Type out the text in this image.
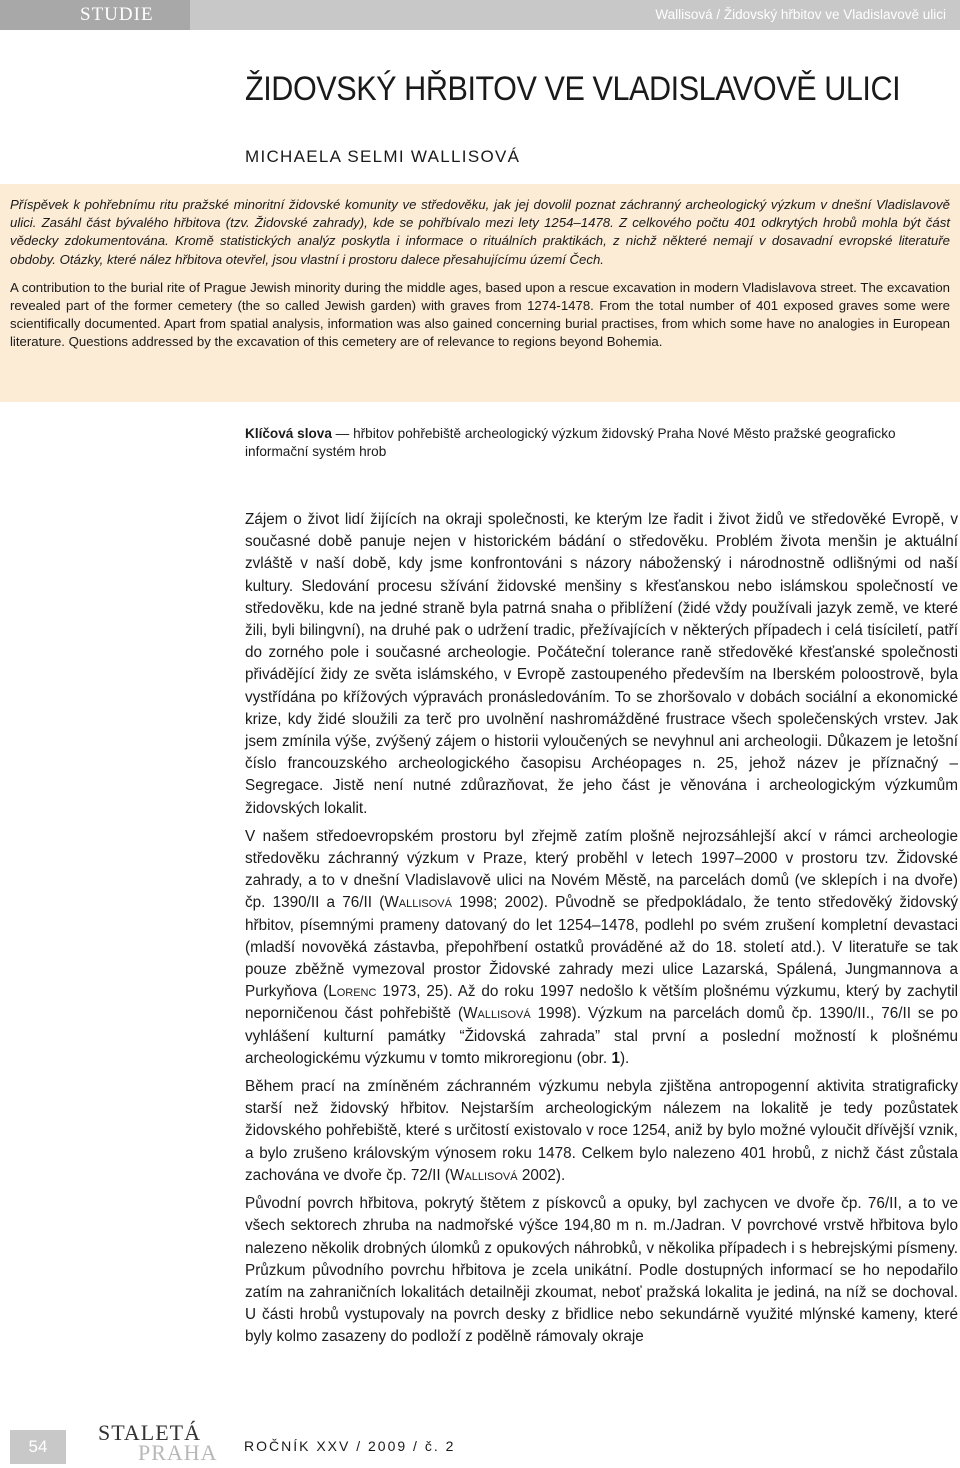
STUDIE	Wallisová / Židovský hřbitov ve Vladislavově ulici
ŽIDOVSKÝ HŘBITOV VE VLADISLAVOVĚ ULICI
MICHAELA SELMI WALLISOVÁ

Příspěvek k pohřebnímu ritu pražské minoritní židovské komunity ve středověku, jak jej dovolil poznat záchranný archeologický výzkum v dnešní Vladislavově ulici. Zasáhl část bývalého hřbitova (tzv. Židovské zahrady), kde se pohřbívalo mezi lety 1254–1478. Z celkového počtu 401 odkrytých hrobů mohla být část vědecky zdokumentována. Kromě statistických analýz poskytla i informace o rituálních praktikách, z nichž některé nemají v dosavadní evropské literatuře obdoby. Otázky, které nález hřbitova otevřel, jsou vlastní i prostoru dalece přesahujícímu území Čech.

A contribution to the burial rite of Prague Jewish minority during the middle ages, based upon a rescue excavation in modern Vladislavova street. The excavation revealed part of the former cemetery (the so called Jewish garden) with graves from 1274-1478. From the total number of 401 exposed graves some were scientifically documented. Apart from spatial analysis, information was also gained concerning burial practises, from which some have no analogies in European literature. Questions addressed by the excavation of this cemetery are of relevance to regions beyond Bohemia.

Klíčová slova — hřbitov pohřebiště archeologický výzkum židovský Praha Nové Město pražské geograficko informační systém hrob

Zájem o život lidí žijících na okraji společnosti, ke kterým lze řadit i život židů ve středověké Evropě, v současné době panuje nejen v historickém bádání o středověku. Problém života menšin je aktuální zvláště v naší době, kdy jsme konfrontováni s názory náboženský i národnostně odlišnými od naší kultury. Sledování procesu sžívání židovské menšiny s křesťanskou nebo islámskou společností ve středověku, kde na jedné straně byla patrná snaha o přiblížení (židé vždy používali jazyk země, ve které žili, byli bilingvní), na druhé pak o udržení tradic, přežívajících v některých případech i celá tisíciletí, patří do zorného pole i současné archeologie. Počáteční tolerance raně středověké křesťanské společnosti přivádějící židy ze světa islámského, v Evropě zastoupeného především na Iberském poloostrově, byla vystřídána po křížových výpravách pronásledováním. To se zhoršovalo v dobách sociální a ekonomické krize, kdy židé sloužili za terč pro uvolnění nashromážděné frustrace všech společenských vrstev. Jak jsem zmínila výše, zvýšený zájem o historii vyloučených se nevyhnul ani archeologii. Důkazem je letošní číslo francouzského archeologického časopisu Archéopages n. 25, jehož název je příznačný – Segregace. Jistě není nutné zdůrazňovat, že jeho část je věnována i archeologickým výzkumům židovských lokalit.

V našem středoevropském prostoru byl zřejmě zatím plošně nejrozsáhlejší akcí v rámci archeologie středověku záchranný výzkum v Praze, který proběhl v letech 1997–2000 v prostoru tzv. Židovské zahrady, a to v dnešní Vladislavově ulici na Novém Městě, na parcelách domů (ve sklepích i na dvoře) čp. 1390/II a 76/II (Wallisová 1998; 2002). Původně se předpokládalo, že tento středověký židovský hřbitov, písemnými prameny datovaný do let 1254–1478, podlehl po svém zrušení kompletní devastaci (mladší novověká zástavba, přepohřbení ostatků prováděné až do 18. století atd.). V literatuře se tak pouze zběžně vymezoval prostor Židovské zahrady mezi ulice Lazarská, Spálená, Jungmannova a Purkyňova (Lorenc 1973, 25). Až do roku 1997 nedošlo k větším plošnému výzkumu, který by zachytil neporničenou část pohřebiště (Wallisová 1998). Výzkum na parcelách domů čp. 1390/II., 76/II se po vyhlášení kulturní památky “Židovská zahrada” stal první a poslední možností k plošnému archeologickému výzkumu v tomto mikroregionu (obr. 1).

Během prací na zmíněném záchranném výzkumu nebyla zjištěna antropogenní aktivita stratigraficky starší než židovský hřbitov. Nejstarším archeologickým nálezem na lokalitě je tedy pozůstatek židovského pohřebiště, které s určitostí existovalo v roce 1254, aniž by bylo možné vyloučit dřívější vznik, a bylo zrušeno královským výnosem roku 1478. Celkem bylo nalezeno 401 hrobů, z nichž část zůstala zachována ve dvoře čp. 72/II (Wallisová 2002).

Původní povrch hřbitova, pokrytý štětem z pískovců a opuky, byl zachycen ve dvoře čp. 76/II, a to ve všech sektorech zhruba na nadmořské výšce 194,80 m n. m./Jadran. V povrchové vrstvě hřbitova bylo nalezeno několik drobných úlomků z opukových náhrobků, v několika případech i s hebrejskými písmeny. Průzkum původního povrchu hřbitova je zcela unikátní. Podle dostupných informací se ho nepodařilo zatím na zahraničních lokalitách detailněji zkoumat, neboť pražská lokalita je jediná, na níž se dochoval. U části hrobů vystupovaly na povrch desky z břidlice nebo sekundárně využité mlýnské kameny, které byly kolmo zasazeny do podloží z podělně rámovaly okraje

54
STALETÁ
PRAHA ROČNÍK XXV / 2009 / č. 2
